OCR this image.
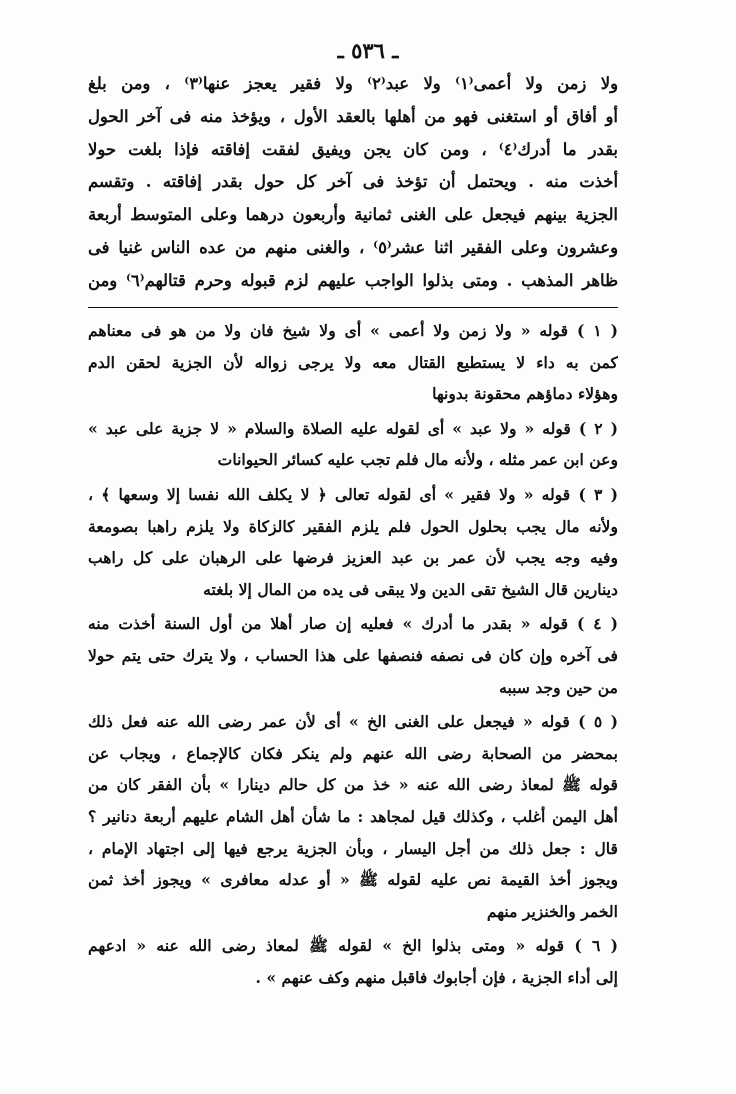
ـ ٥٣٦ ـ
ولا زمن ولا أعمى⁽١⁾ ولا عبد⁽٢⁾ ولا فقير يعجز عنها⁽٣⁾ ، ومن بلغ
أو أفاق أو استغنى فهو من أهلها بالعقد الأول ، ويؤخذ منه فى آخر الحول
بقدر ما أدرك⁽٤⁾ ، ومن كان يجن ويفيق لفقت إفاقته فإذا بلغت حولا
أخذت منه . ويحتمل أن تؤخذ فى آخر كل حول بقدر إفاقته . وتقسم
الجزية بينهم فيجعل على الغنى ثمانية وأربعون درهما وعلى المتوسط أربعة
وعشرون وعلى الفقير اثنا عشر⁽٥⁾ ، والغنى منهم من عده الناس غنيا فى
ظاهر المذهب . ومتى بذلوا الواجب عليهم لزم قبوله وحرم قتالهم⁽٦⁾ ومن
( ١ ) قوله « ولا زمن ولا أعمى » أى ولا شيخ فان ولا من هو فى معناهم
كمن به داء لا يستطيع القتال معه ولا يرجى زواله لأن الجزية لحقن الدم
وهؤلاء دماؤهم محقونة بدونها
( ٢ ) قوله « ولا عبد » أى لقوله عليه الصلاة والسلام « لا جزية على عبد »
وعن ابن عمر مثله ، ولأنه مال فلم تجب عليه كسائر الحيوانات
( ٣ ) قوله « ولا فقير » أى لقوله تعالى ﴿ لا يكلف الله نفسا إلا وسعها ﴾ ،
ولأنه مال يجب بحلول الحول فلم يلزم الفقير كالزكاة ولا يلزم راهبا بصومعة
وفيه وجه يجب لأن عمر بن عبد العزيز فرضها على الرهبان على كل راهب
دينارين قال الشيخ تقى الدين ولا يبقى فى يده من المال إلا بلغته
( ٤ ) قوله « بقدر ما أدرك » فعليه إن صار أهلا من أول السنة أخذت منه
فى آخره وإن كان فى نصفه فنصفها على هذا الحساب ، ولا يترك حتى يتم حولا
من حين وجد سببه
( ٥ ) قوله « فيجعل على الغنى الخ » أى لأن عمر رضى الله عنه فعل ذلك
بمحضر من الصحابة رضى الله عنهم ولم ينكر فكان كالإجماع ، ويجاب عن
قوله ﷺ لمعاذ رضى الله عنه « خذ من كل حالم دينارا » بأن الفقر كان من
أهل اليمن أغلب ، وكذلك قيل لمجاهد : ما شأن أهل الشام عليهم أربعة دنانير ؟
قال : جعل ذلك من أجل اليسار ، وبأن الجزية يرجع فيها إلى اجتهاد الإمام ،
ويجوز أخذ القيمة نص عليه لقوله ﷺ « أو عدله معافرى » ويجوز أخذ ثمن
الخمر والخنزير منهم
( ٦ ) قوله « ومتى بذلوا الخ » لقوله ﷺ لمعاذ رضى الله عنه « ادعهم
إلى أداء الجزية ، فإن أجابوك فاقبل منهم وكف عنهم » .
